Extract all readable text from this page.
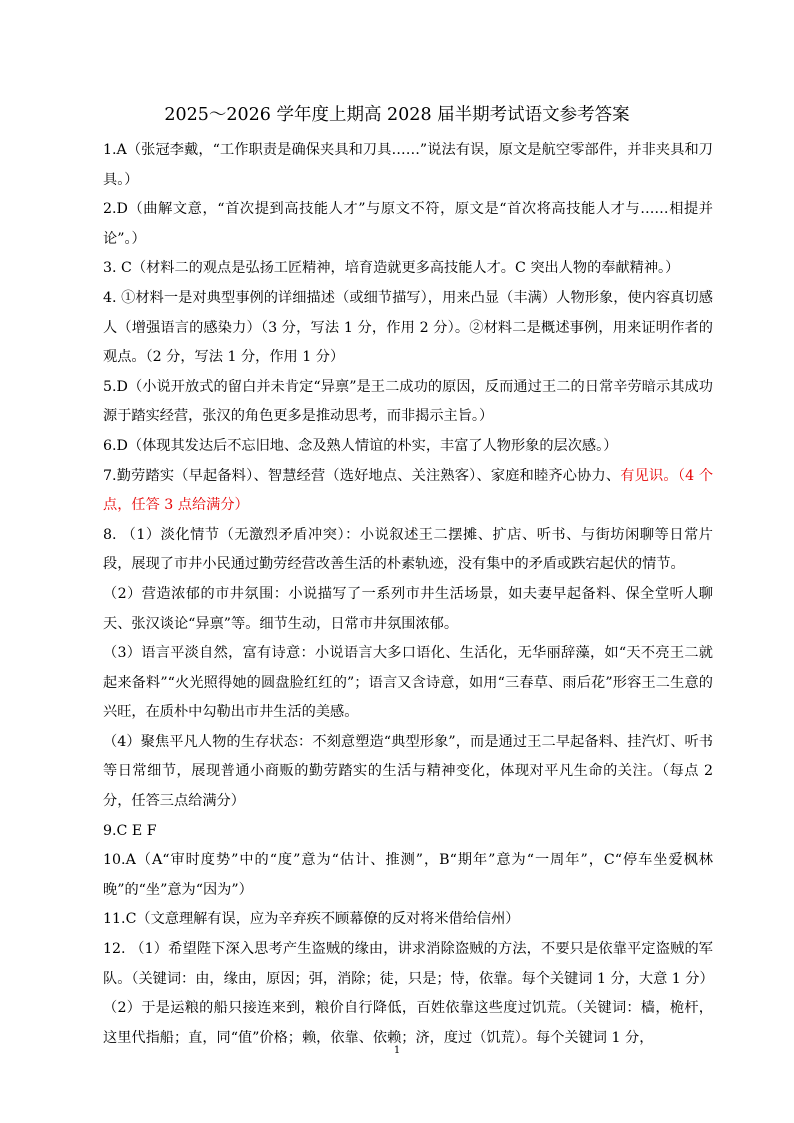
2025～2026 学年度上期高 2028 届半期考试语文参考答案

1.A（张冠李戴，“工作职责是确保夹具和刀具……”说法有误，原文是航空零部件，并非夹具和刀具。）

2.D（曲解文意，“首次提到高技能人才”与原文不符，原文是“首次将高技能人才与……相提并论”。）

3. C（材料二的观点是弘扬工匠精神，培育造就更多高技能人才。C 突出人物的奉献精神。）

4. ①材料一是对典型事例的详细描述（或细节描写），用来凸显（丰满）人物形象，使内容真切感人（增强语言的感染力）（3 分，写法 1 分，作用 2 分）。②材料二是概述事例，用来证明作者的观点。（2 分，写法 1 分，作用 1 分）

5.D（小说开放式的留白并未肯定“异禀”是王二成功的原因，反而通过王二的日常辛劳暗示其成功源于踏实经营，张汉的角色更多是推动思考，而非揭示主旨。）

6.D（体现其发达后不忘旧地、念及熟人情谊的朴实，丰富了人物形象的层次感。）

7.勤劳踏实（早起备料）、智慧经营（选好地点、关注熟客）、家庭和睦齐心协力、有见识。（4 个点，任答 3 点给满分）

8. （1）淡化情节（无激烈矛盾冲突）：小说叙述王二摆摊、扩店、听书、与街坊闲聊等日常片段，展现了市井小民通过勤劳经营改善生活的朴素轨迹，没有集中的矛盾或跌宕起伏的情节。

（2）营造浓郁的市井氛围：小说描写了一系列市井生活场景，如夫妻早起备料、保全堂听人聊天、张汉谈论“异禀”等。细节生动，日常市井氛围浓郁。

（3）语言平淡自然，富有诗意：小说语言大多口语化、生活化，无华丽辞藻，如“天不亮王二就起来备料”“火光照得她的圆盘脸红红的”；语言又含诗意，如用“三春草、雨后花”形容王二生意的兴旺，在质朴中勾勒出市井生活的美感。

（4）聚焦平凡人物的生存状态：不刻意塑造“典型形象”，而是通过王二早起备料、挂汽灯、听书等日常细节，展现普通小商贩的勤劳踏实的生活与精神变化，体现对平凡生命的关注。（每点 2 分，任答三点给满分）

9.C E F

10.A（A“审时度势”中的“度”意为“估计、推测”，B“期年”意为“一周年”，C“停车坐爱枫林晚”的“坐”意为“因为”）

11.C（文意理解有误，应为辛弃疾不顾幕僚的反对将米借给信州）

12. （1）希望陛下深入思考产生盗贼的缘由，讲求消除盗贼的方法，不要只是依靠平定盗贼的军队。（关键词：由，缘由，原因；弭，消除；徒，只是；恃，依靠。每个关键词 1 分，大意 1 分）

（2）于是运粮的船只接连来到，粮价自行降低，百姓依靠这些度过饥荒。（关键词：樯，桅杆，这里代指船；直，同“值”价格；赖，依靠、依赖；济，度过（饥荒）。每个关键词 1 分，

1
